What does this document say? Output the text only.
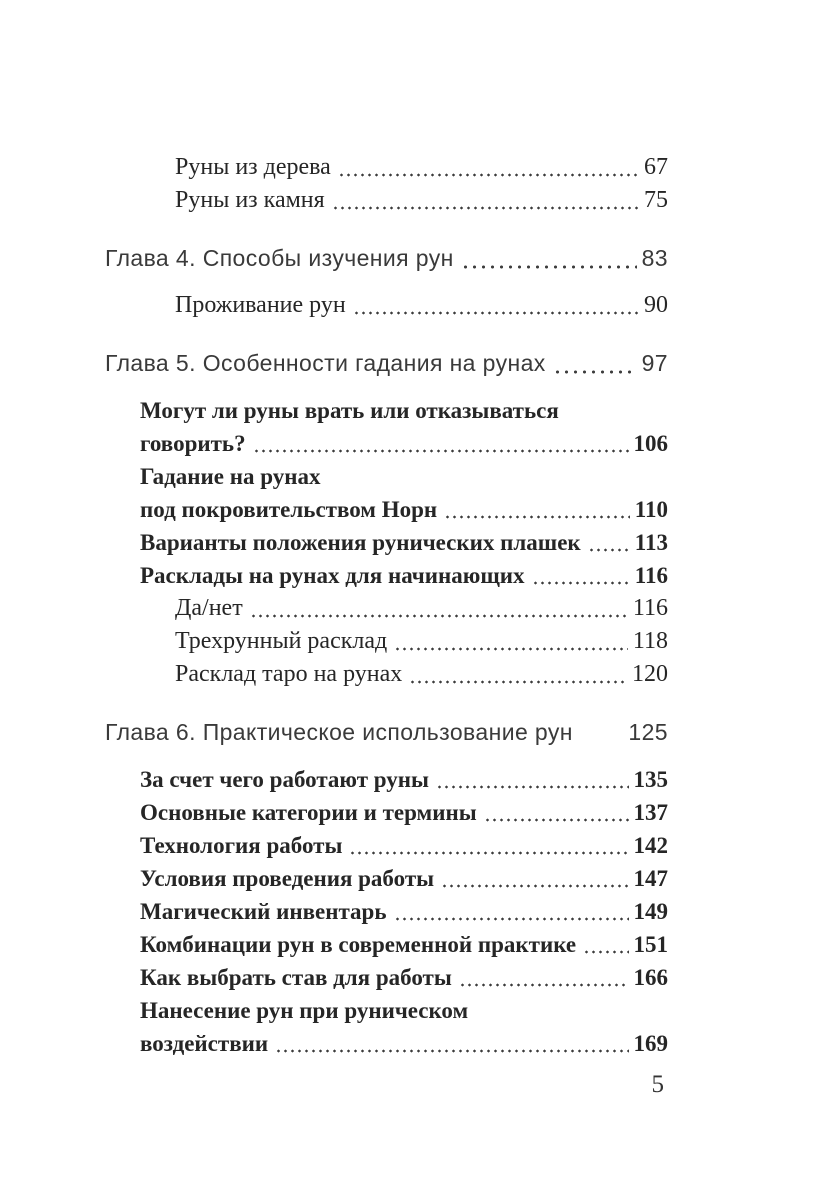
Руны из дерева	67
Руны из камня	75
Глава 4. Способы изучения рун	83
Проживание рун	90
Глава 5. Особенности гадания на рунах	97
Могут ли руны врать или отказываться
говорить?	106
Гадание на рунах
под покровительством Норн	110
Варианты положения рунических плашек 113
Расклады на рунах для начинающих	116
Да/нет	116
Трехрунный расклад	118
Расклад таро на рунах	120
Глава 6. Практическое использование рун 125
За счет чего работают руны	135
Основные категории и термины	137
Технология работы	142
Условия проведения работы	147
Магический инвентарь	149
Комбинации рун в современной практике 151
Как выбрать став для работы	166
Нанесение рун при руническом
воздействии	169
5
